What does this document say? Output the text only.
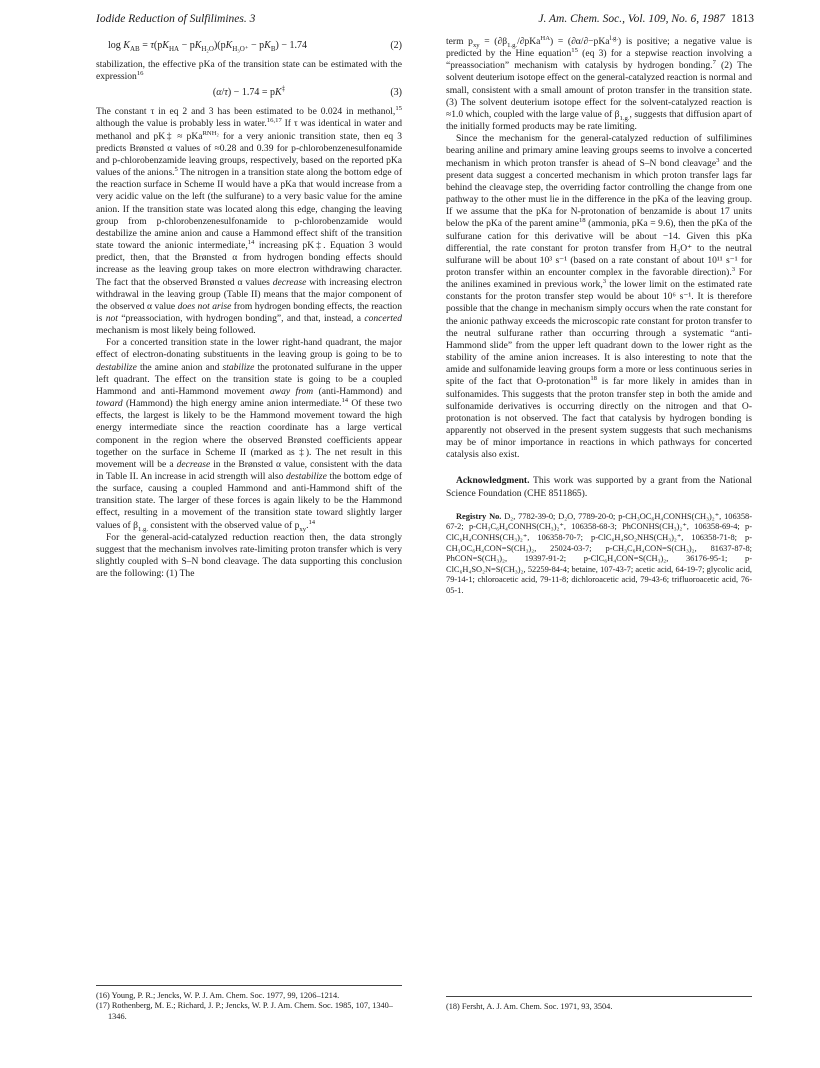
Iodide Reduction of Sulfilimines. 3	J. Am. Chem. Soc., Vol. 109, No. 6, 1987 1813
$\log K_{AB} = \tau(pK_{HA} - pK_{H_2O})(pK_{H_3O^+} - pK_B) - 1.74$	(2)

stabilization, the effective pKa of the transition state can be estimated with the expression$^{16}$

(α/τ) − 1.74 = pK‡	(3)

The constant τ in eq 2 and 3 has been estimated to be 0.024 in methanol,$^{15}$ although the value is probably less in water.$^{16,17}$ If τ was identical in water and methanol and pK‡ ≈ pKa$^{RNH_2}$ for a very anionic transition state, then eq 3 predicts Brønsted α values of ≈0.28 and 0.39 for p-chlorobenzenesulfonamide and p-chlorobenzamide leaving groups, respectively, based on the reported pKa values of the anions.$^5$ The nitrogen in a transition state along the bottom edge of the reaction surface in Scheme II would have a pKa that would increase from a very acidic value on the left (the sulfurane) to a very basic value for the amine anion. If the transition state was located along this edge, changing the leaving group from p-chlorobenzenesulfonamide to p-chlorobenzamide would destabilize the amine anion and cause a Hammond effect shift of the transition state toward the anionic intermediate,$^{14}$ increasing pK‡. Equation 3 would predict, then, that the Brønsted α from hydrogen bonding effects should increase as the leaving group takes on more electron withdrawing character. The fact that the observed Brønsted α values decrease with increasing electron withdrawal in the leaving group (Table II) means that the major component of the observed α value does not arise from hydrogen bonding effects, the reaction is not “preassociation, with hydrogen bonding”, and that, instead, a concerted mechanism is most likely being followed.

For a concerted transition state in the lower right-hand quadrant, the major effect of electron-donating substituents in the leaving group is going to be to destabilize the amine anion and stabilize the protonated sulfurane in the upper left quadrant. The effect on the transition state is going to be a coupled Hammond and anti-Hammond movement away from (anti-Hammond) and toward (Hammond) the high energy amine anion intermediate.$^{14}$ Of these two effects, the largest is likely to be the Hammond movement toward the high energy intermediate since the reaction coordinate has a large vertical component in the region where the observed Brønsted coefficients appear together on the surface in Scheme II (marked as ‡). The net result in this movement will be a decrease in the Brønsted α value, consistent with the data in Table II. An increase in acid strength will also destabilize the bottom edge of the surface, causing a coupled Hammond and anti-Hammond shift of the transition state. The larger of these forces is again likely to be the Hammond effect, resulting in a movement of the transition state toward slightly larger values of $\beta_{1.g.}$ consistent with the observed value of $p_{xy}.^{14}$

For the general-acid-catalyzed reduction reaction then, the data strongly suggest that the mechanism involves rate-limiting proton transfer which is very slightly coupled with S–N bond cleavage. The data supporting this conclusion are the following: (1) The

(16) Young, P. R.; Jencks, W. P. J. Am. Chem. Soc. 1977, 99, 1206–1214.

(17) Rothenberg, M. E.; Richard, J. P.; Jencks, W. P. J. Am. Chem. Soc. 1985, 107, 1340–1346.

term $p_{xy} = (\partial\beta_{1.g.}/\partial pKa^{HA}) = (\partial\alpha/\partial-pKa^{l.g.})$ is positive; a negative value is predicted by the Hine equation$^{15}$ (eq 3) for a stepwise reaction involving a “preassociation” mechanism with catalysis by hydrogen bonding.$^7$ (2) The solvent deuterium isotope effect on the general-catalyzed reaction is normal and small, consistent with a small amount of proton transfer in the transition state. (3) The solvent deuterium isotope effect for the solvent-catalyzed reaction is ≈1.0 which, coupled with the large value of $\beta_{1.g.}$, suggests that diffusion apart of the initially formed products may be rate limiting.

Since the mechanism for the general-catalyzed reduction of sulfilimines bearing aniline and primary amine leaving groups seems to involve a concerted mechanism in which proton transfer is ahead of S–N bond cleavage$^3$ and the present data suggest a concerted mechanism in which proton transfer lags far behind the cleavage step, the overriding factor controlling the change from one pathway to the other must lie in the difference in the pKa of the leaving group. If we assume that the pKa for N-protonation of benzamide is about 17 units below the pKa of the parent amine$^{18}$ (ammonia, pKa = 9.6), then the pKa of the sulfurane cation for this derivative will be about −14. Given this pKa differential, the rate constant for proton transfer from H₃O⁺ to the neutral sulfurane will be about 10³ s⁻¹ (based on a rate constant of about 10¹¹ s⁻¹ for proton transfer within an encounter complex in the favorable direction).$^3$ For the anilines examined in previous work,$^3$ the lower limit on the estimated rate constants for the proton transfer step would be about 10⁶ s⁻¹. It is therefore possible that the change in mechanism simply occurs when the rate constant for the anionic pathway exceeds the microscopic rate constant for proton transfer to the neutral sulfurane rather than occurring through a systematic “anti-Hammond slide” from the upper left quadrant down to the lower right as the stability of the amine anion increases. It is also interesting to note that the amide and sulfonamide leaving groups form a more or less continuous series in spite of the fact that O-protonation$^{18}$ is far more likely in amides than in sulfonamides. This suggests that the proton transfer step in both the amide and sulfonamide derivatives is occurring directly on the nitrogen and that O-protonation is not observed. The fact that catalysis by hydrogen bonding is apparently not observed in the present system suggests that such mechanisms may be of minor importance in reactions in which pathways for concerted catalysis also exist.

Acknowledgment. This work was supported by a grant from the National Science Foundation (CHE 8511865).

Registry No. D₂, 7782-39-0; D₂O, 7789-20-0; p-CH₃OC₆H₄CONHS(CH₃)₂⁺, 106358-67-2; p-CH₃C₆H₄CONHS(CH₃)₂⁺, 106358-68-3; PhCONHS(CH₃)₂⁺, 106358-69-4; p-ClC₆H₄CONHS(CH₃)₂⁺, 106358-70-7; p-ClC₆H₄SO₂NHS(CH₃)₂⁺, 106358-71-8; p-CH₃OC₆H₄CON=S(CH₃)₂, 25024-03-7; p-CH₃C₆H₄CON=S(CH₃)₂, 81637-87-8; PhCON=S(CH₃)₂, 19397-91-2; p-ClC₆H₄CON=S(CH₃)₂, 36176-95-1; p-ClC₆H₄SO₂N=S(CH₃)₂, 52259-84-4; betaine, 107-43-7; acetic acid, 64-19-7; glycolic acid, 79-14-1; chloroacetic acid, 79-11-8; dichloroacetic acid, 79-43-6; trifluoroacetic acid, 76-05-1.

(18) Fersht, A. J. Am. Chem. Soc. 1971, 93, 3504.
